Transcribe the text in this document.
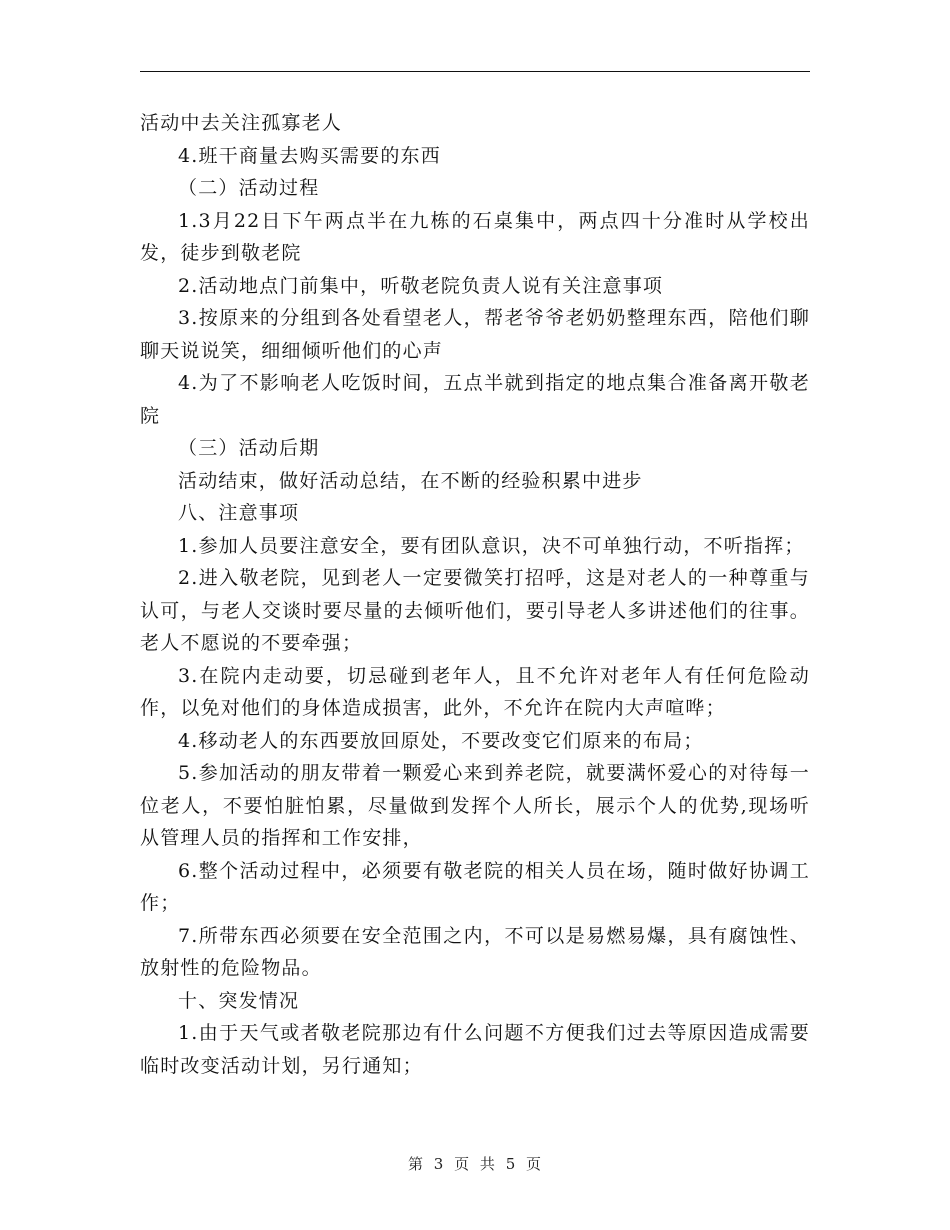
活动中去关注孤寡老人

4.班干商量去购买需要的东西

（二）活动过程

1.3月22日下午两点半在九栋的石桌集中，两点四十分准时从学校出发，徒步到敬老院

2.活动地点门前集中，听敬老院负责人说有关注意事项

3.按原来的分组到各处看望老人，帮老爷爷老奶奶整理东西，陪他们聊聊天说说笑，细细倾听他们的心声

4.为了不影响老人吃饭时间，五点半就到指定的地点集合准备离开敬老院

（三）活动后期

活动结束，做好活动总结，在不断的经验积累中进步

八、注意事项

1.参加人员要注意安全，要有团队意识，决不可单独行动，不听指挥；

2.进入敬老院，见到老人一定要微笑打招呼，这是对老人的一种尊重与认可，与老人交谈时要尽量的去倾听他们，要引导老人多讲述他们的往事。老人不愿说的不要牵强；

3.在院内走动要，切忌碰到老年人，且不允许对老年人有任何危险动作，以免对他们的身体造成损害，此外，不允许在院内大声喧哗；

4.移动老人的东西要放回原处，不要改变它们原来的布局；

5.参加活动的朋友带着一颗爱心来到养老院，就要满怀爱心的对待每一位老人，不要怕脏怕累，尽量做到发挥个人所长，展示个人的优势,现场听从管理人员的指挥和工作安排，

6.整个活动过程中，必须要有敬老院的相关人员在场，随时做好协调工作；

7.所带东西必须要在安全范围之内，不可以是易燃易爆，具有腐蚀性、放射性的危险物品。

十、突发情况

1.由于天气或者敬老院那边有什么问题不方便我们过去等原因造成需要临时改变活动计划，另行通知；

第 3 页 共 5 页
